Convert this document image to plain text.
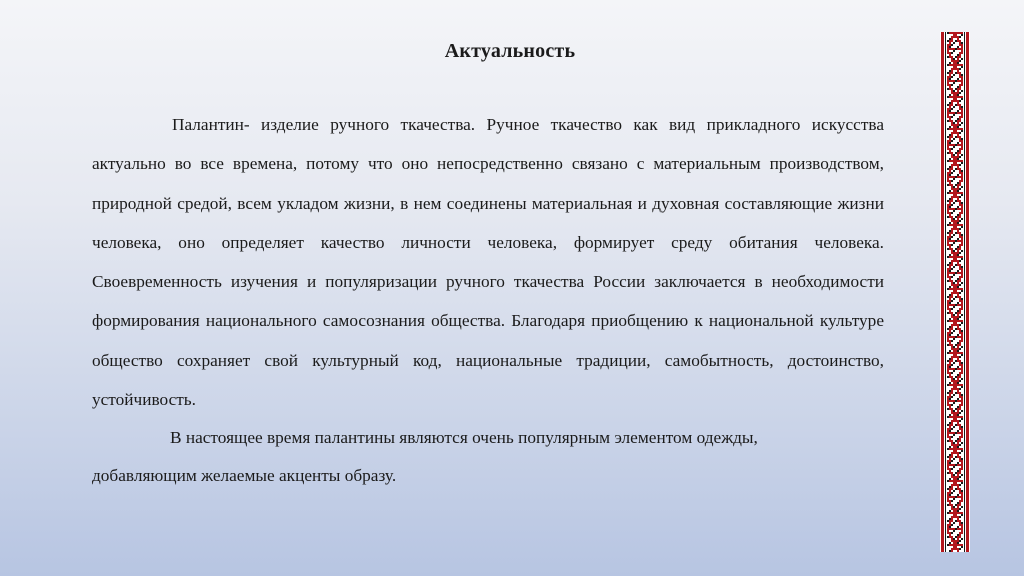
Актуальность

Палантин- изделие ручного ткачества. Ручное ткачество как вид прикладного искусства актуально во все времена, потому что оно непосредственно связано с материальным производством, природной средой, всем укладом жизни, в нем соединены материальная и духовная составляющие жизни человека, оно определяет качество личности человека, формирует среду обитания человека. Своевременность изучения и популяризации ручного ткачества России заключается в необходимости формирования национального самосознания общества. Благодаря приобщению к национальной культуре общество сохраняет свой культурный код, национальные традиции, самобытность, достоинство, устойчивость.

В настоящее время палантины являются очень популярным элементом одежды, добавляющим желаемые акценты образу.
